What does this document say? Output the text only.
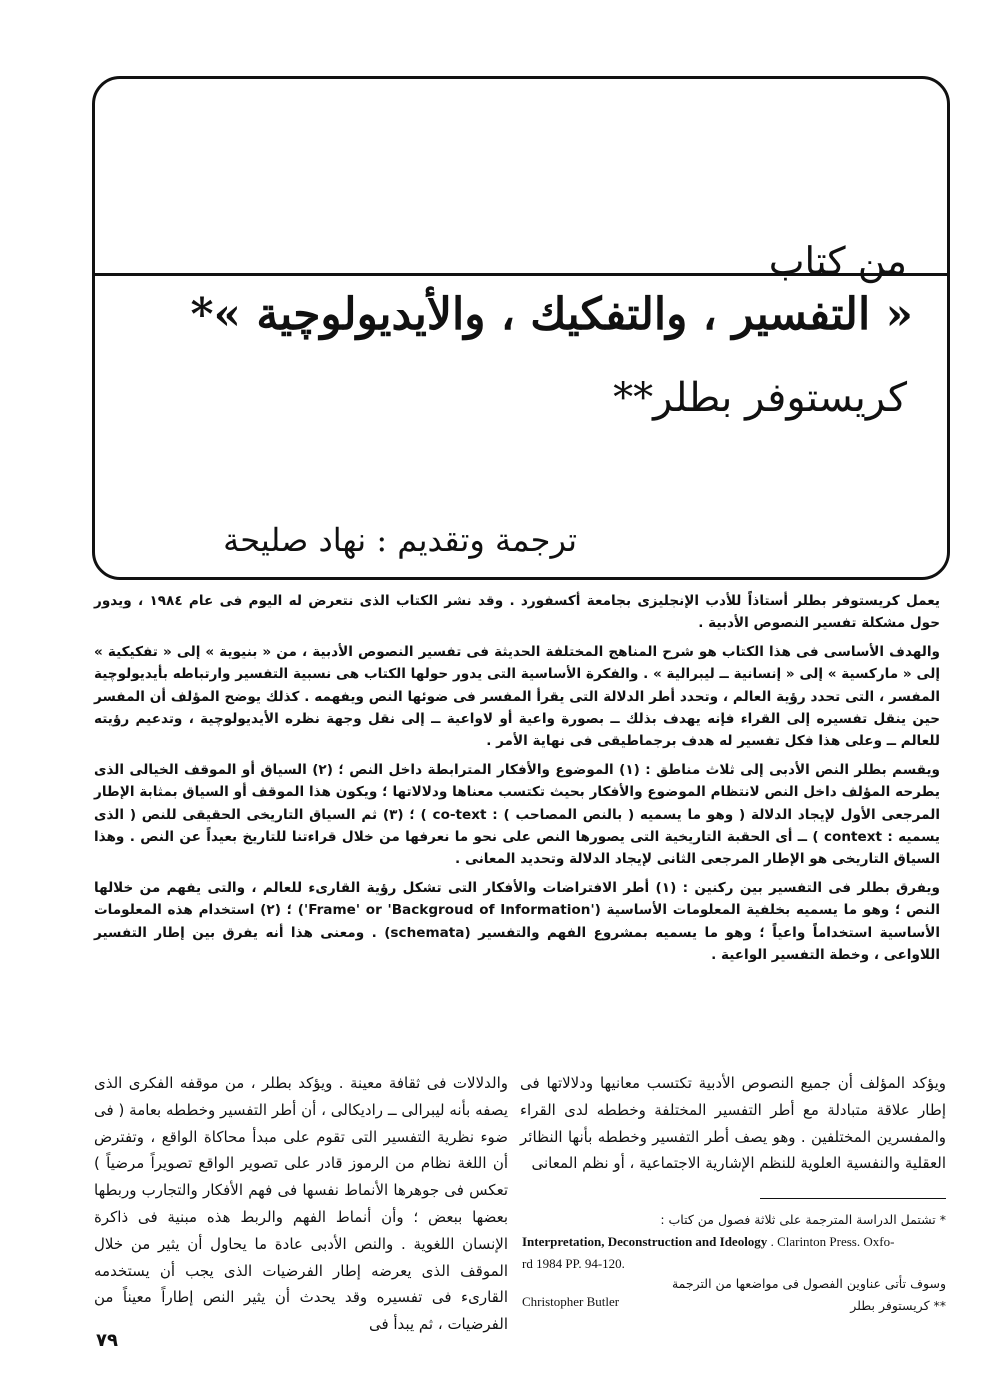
من كتاب
« التفسير ، والتفكيك ، والأيديولوچية »*
كريستوفر بطلر**
ترجمة وتقديم : نهاد صليحة

يعمل كريستوفر بطلر أستاذاً للأدب الإنجليزى بجامعة أكسفورد . وقد نشر الكتاب الذى نتعرض له اليوم فى عام ١٩٨٤ ، ويدور حول مشكلة تفسير النصوص الأدبية .

والهدف الأساسى فى هذا الكتاب هو شرح المناهج المختلفة الحديثة فى تفسير النصوص الأدبية ، من « بنيوية » إلى « تفكيكية » إلى « ماركسية » إلى « إنسانية ــ ليبرالية » . والفكرة الأساسية التى يدور حولها الكتاب هى نسبية التفسير وارتباطه بأيديولوچية المفسر ، التى تحدد رؤية العالم ، وتحدد أطر الدلالة التى يقرأ المفسر فى ضوئها النص ويفهمه . كذلك يوضح المؤلف أن المفسر حين ينقل تفسيره إلى القراء فإنه يهدف بذلك ــ بصورة واعية أو لاواعية ــ إلى نقل وجهة نظره الأيديولوچية ، وتدعيم رؤيته للعالم ــ وعلى هذا فكل تفسير له هدف برجماطيقى فى نهاية الأمر .

ويقسم بطلر النص الأدبى إلى ثلاث مناطق : (١) الموضوع والأفكار المترابطة داخل النص ؛ (٢) السياق أو الموقف الخيالى الذى يطرحه المؤلف داخل النص لانتظام الموضوع والأفكار بحيث تكتسب معناها ودلالاتها ؛ ويكون هذا الموقف أو السياق بمثابة الإطار المرجعى الأول لإيجاد الدلالة ( وهو ما يسميه ( بالنص المصاحب ) : co-text ) ؛ (٣) ثم السياق التاريخى الحقيقى للنص ( الذى يسميه : context ) ــ أى الحقبة التاريخية التى يصورها النص على نحو ما نعرفها من خلال قراءتنا للتاريخ بعيداً عن النص . وهذا السياق التاريخى هو الإطار المرجعى الثانى لإيجاد الدلالة وتحديد المعانى .

ويفرق بطلر فى التفسير بين ركنين : (١) أطر الافتراضات والأفكار التى تشكل رؤية القارىء للعالم ، والتى يفهم من خلالها النص ؛ وهو ما يسميه بخلفية المعلومات الأساسية ('Frame' or 'Backgroud of Information') ؛ (٢) استخدام هذه المعلومات الأساسية استخداماً واعياً ؛ وهو ما يسميه بمشروع الفهم والتفسير (schemata) . ومعنى هذا أنه يفرق بين إطار التفسير اللاواعى ، وخطة التفسير الواعية .

ويؤكد المؤلف أن جميع النصوص الأدبية تكتسب معانيها ودلالاتها فى إطار علاقة متبادلة مع أطر التفسير المختلفة وخططه لدى القراء والمفسرين المختلفين . وهو يصف أطر التفسير وخططه بأنها النظائر العقلية والنفسية العلوية للنظم الإشارية الاجتماعية ، أو نظم المعانى

والدلالات فى ثقافة معينة . ويؤكد بطلر ، من موقفه الفكرى الذى يصفه بأنه ليبرالى ــ راديكالى ، أن أطر التفسير وخططه بعامة ( فى ضوء نظرية التفسير التى تقوم على مبدأ محاكاة الواقع ، وتفترض أن اللغة نظام من الرموز قادر على تصوير الواقع تصويراً مرضياً ) تعكس فى جوهرها الأنماط نفسها فى فهم الأفكار والتجارب وربطها بعضها ببعض ؛ وأن أنماط الفهم والربط هذه مبنية فى ذاكرة الإنسان اللغوية . والنص الأدبى عادة ما يحاول أن يثير من خلال الموقف الذى يعرضه إطار الفرضيات الذى يجب أن يستخدمه القارىء فى تفسيره وقد يحدث أن يثير النص إطاراً معيناً من الفرضيات ، ثم يبدأ فى

* تشتمل الدراسة المترجمة على ثلاثة فصول من كتاب :
Interpretation, Deconstruction and Ideology . Clarinton Press. Oxfo-
rd 1984 PP. 94-120.
وسوف تأتى عناوين الفصول فى مواضعها من الترجمة
** كريستوفر بطلر
Christopher Butler
٧٩
